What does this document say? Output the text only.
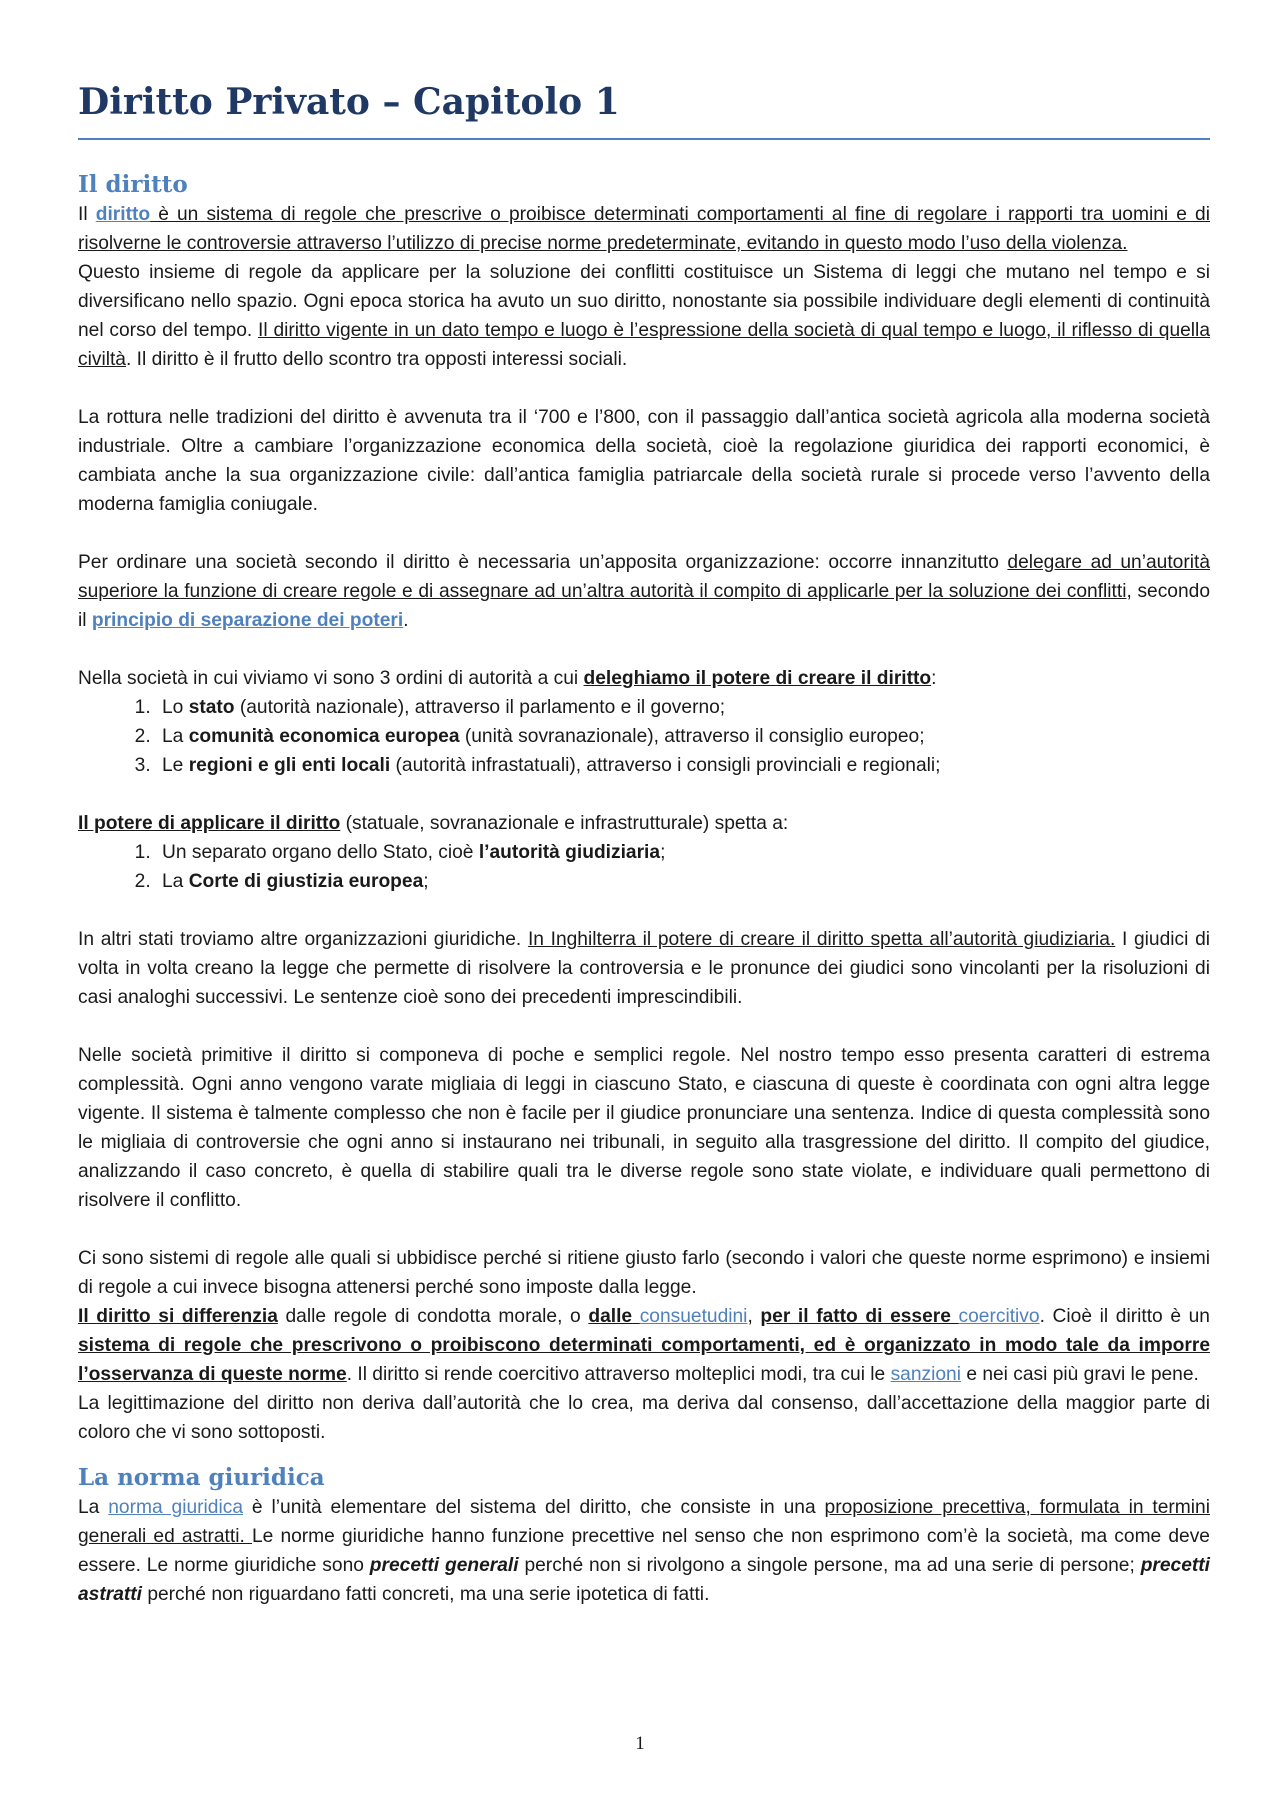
Diritto Privato – Capitolo 1
Il diritto

Il diritto è un sistema di regole che prescrive o proibisce determinati comportamenti al fine di regolare i rapporti tra uomini e di risolverne le controversie attraverso l’utilizzo di precise norme predeterminate, evitando in questo modo l’uso della violenza.

Questo insieme di regole da applicare per la soluzione dei conflitti costituisce un Sistema di leggi che mutano nel tempo e si diversificano nello spazio. Ogni epoca storica ha avuto un suo diritto, nonostante sia possibile individuare degli elementi di continuità nel corso del tempo. Il diritto vigente in un dato tempo e luogo è l’espressione della società di qual tempo e luogo, il riflesso di quella civiltà. Il diritto è il frutto dello scontro tra opposti interessi sociali.

La rottura nelle tradizioni del diritto è avvenuta tra il ‘700 e l’800, con il passaggio dall’antica società agricola alla moderna società industriale. Oltre a cambiare l’organizzazione economica della società, cioè la regolazione giuridica dei rapporti economici, è cambiata anche la sua organizzazione civile: dall’antica famiglia patriarcale della società rurale si procede verso l’avvento della moderna famiglia coniugale.

Per ordinare una società secondo il diritto è necessaria un’apposita organizzazione: occorre innanzitutto delegare ad un’autorità superiore la funzione di creare regole e di assegnare ad un’altra autorità il compito di applicarle per la soluzione dei conflitti, secondo il principio di separazione dei poteri.

Nella società in cui viviamo vi sono 3 ordini di autorità a cui deleghiamo il potere di creare il diritto:

1. Lo stato (autorità nazionale), attraverso il parlamento e il governo;
2. La comunità economica europea (unità sovranazionale), attraverso il consiglio europeo;
3. Le regioni e gli enti locali (autorità infrastatuali), attraverso i consigli provinciali e regionali;

Il potere di applicare il diritto (statuale, sovranazionale e infrastrutturale) spetta a:

1. Un separato organo dello Stato, cioè l’autorità giudiziaria;
2. La Corte di giustizia europea;

In altri stati troviamo altre organizzazioni giuridiche. In Inghilterra il potere di creare il diritto spetta all’autorità giudiziaria. I giudici di volta in volta creano la legge che permette di risolvere la controversia e le pronunce dei giudici sono vincolanti per la risoluzioni di casi analoghi successivi. Le sentenze cioè sono dei precedenti imprescindibili.

Nelle società primitive il diritto si componeva di poche e semplici regole. Nel nostro tempo esso presenta caratteri di estrema complessità. Ogni anno vengono varate migliaia di leggi in ciascuno Stato, e ciascuna di queste è coordinata con ogni altra legge vigente. Il sistema è talmente complesso che non è facile per il giudice pronunciare una sentenza. Indice di questa complessità sono le migliaia di controversie che ogni anno si instaurano nei tribunali, in seguito alla trasgressione del diritto. Il compito del giudice, analizzando il caso concreto, è quella di stabilire quali tra le diverse regole sono state violate, e individuare quali permettono di risolvere il conflitto.

Ci sono sistemi di regole alle quali si ubbidisce perché si ritiene giusto farlo (secondo i valori che queste norme esprimono) e insiemi di regole a cui invece bisogna attenersi perché sono imposte dalla legge.

Il diritto si differenzia dalle regole di condotta morale, o dalle consuetudini, per il fatto di essere coercitivo. Cioè il diritto è un sistema di regole che prescrivono o proibiscono determinati comportamenti, ed è organizzato in modo tale da imporre l’osservanza di queste norme. Il diritto si rende coercitivo attraverso molteplici modi, tra cui le sanzioni e nei casi più gravi le pene.

La legittimazione del diritto non deriva dall’autorità che lo crea, ma deriva dal consenso, dall’accettazione della maggior parte di coloro che vi sono sottoposti.

La norma giuridica

La norma giuridica è l’unità elementare del sistema del diritto, che consiste in una proposizione precettiva, formulata in termini generali ed astratti. Le norme giuridiche hanno funzione precettive nel senso che non esprimono com’è la società, ma come deve essere. Le norme giuridiche sono precetti generali perché non si rivolgono a singole persone, ma ad una serie di persone; precetti astratti perché non riguardano fatti concreti, ma una serie ipotetica di fatti.

1
